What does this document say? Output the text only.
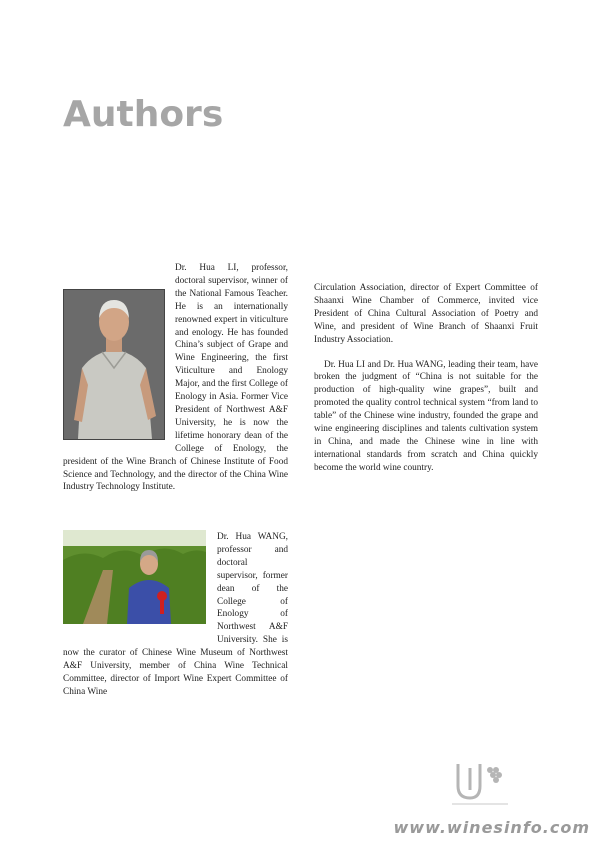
Authors

Dr. Hua LI, professor, doctoral supervisor, winner of the National Famous Teacher. He is an internationally renowned expert in viticulture and enology. He has founded China’s subject of Grape and Wine Engineering, the first Viticulture and Enology Major, and the first College of Enology in Asia. Former Vice President of Northwest A&F University, he is now the lifetime honorary dean of the College of Enology, the president of the Wine Branch of Chinese Institute of Food Science and Technology, and the director of the China Wine Industry Technology Institute.

Dr. Hua WANG, professor and doctoral supervisor, former dean of the College of Enology of Northwest A&F University. She is now the curator of Chinese Wine Museum of Northwest A&F University, member of China Wine Technical Committee, director of Import Wine Expert Committee of China Wine

Circulation Association, director of Expert Committee of Shaanxi Wine Chamber of Commerce, invited vice President of China Cultural Association of Poetry and Wine, and president of Wine Branch of Shaanxi Fruit Industry Association.

Dr. Hua LI and Dr. Hua WANG, leading their team, have broken the judgment of “China is not suitable for the production of high-quality wine grapes”, built and promoted the quality control technical system “from land to table” of the Chinese wine industry, founded the grape and wine engineering disciplines and talents cultivation system in China, and made the Chinese wine in line with international standards from scratch and China quickly become the world wine country.

www.winesinfo.com
